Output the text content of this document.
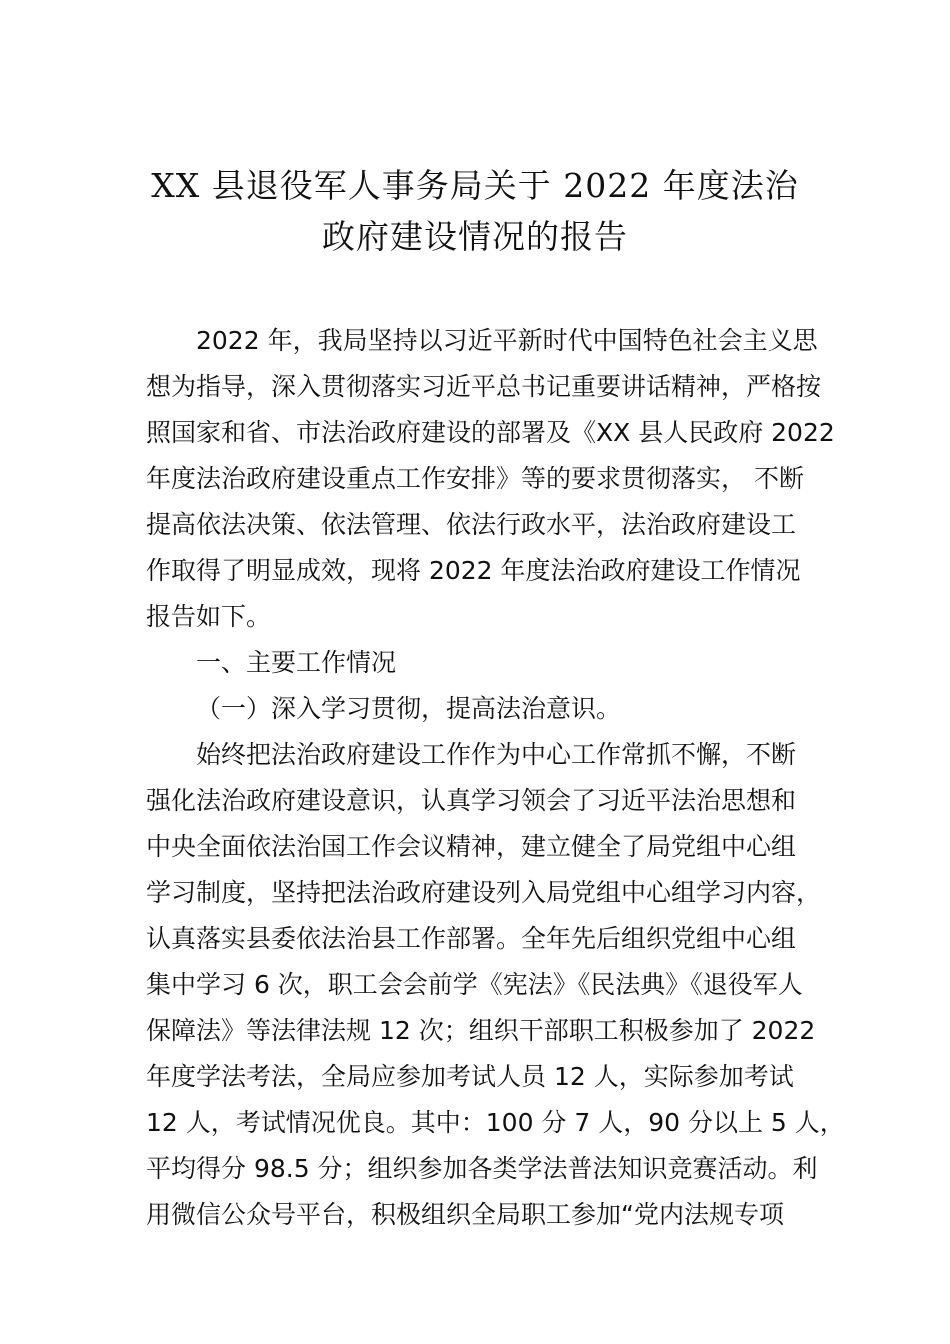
XX 县退役军人事务局关于 2022 年度法治
政府建设情况的报告
2022 年，我局坚持以习近平新时代中国特色社会主义思
想为指导，深入贯彻落实习近平总书记重要讲话精神，严格按
照国家和省、市法治政府建设的部署及《XX 县人民政府 2022
年度法治政府建设重点工作安排》等的要求贯彻落实， 不断
提高依法决策、依法管理、依法行政水平，法治政府建设工
作取得了明显成效，现将 2022 年度法治政府建设工作情况
报告如下。
一、主要工作情况
（一）深入学习贯彻，提高法治意识。
始终把法治政府建设工作作为中心工作常抓不懈，不断
强化法治政府建设意识，认真学习领会了习近平法治思想和
中央全面依法治国工作会议精神，建立健全了局党组中心组
学习制度，坚持把法治政府建设列入局党组中心组学习内容，
认真落实县委依法治县工作部署。全年先后组织党组中心组
集中学习 6 次，职工会会前学《宪法》《民法典》《退役军人
保障法》等法律法规 12 次；组织干部职工积极参加了 2022
年度学法考法，全局应参加考试人员 12 人，实际参加考试
12 人，考试情况优良。其中：100 分 7 人，90 分以上 5 人，
平均得分 98.5 分；组织参加各类学法普法知识竞赛活动。利
用微信公众号平台，积极组织全局职工参加“党内法规专项
